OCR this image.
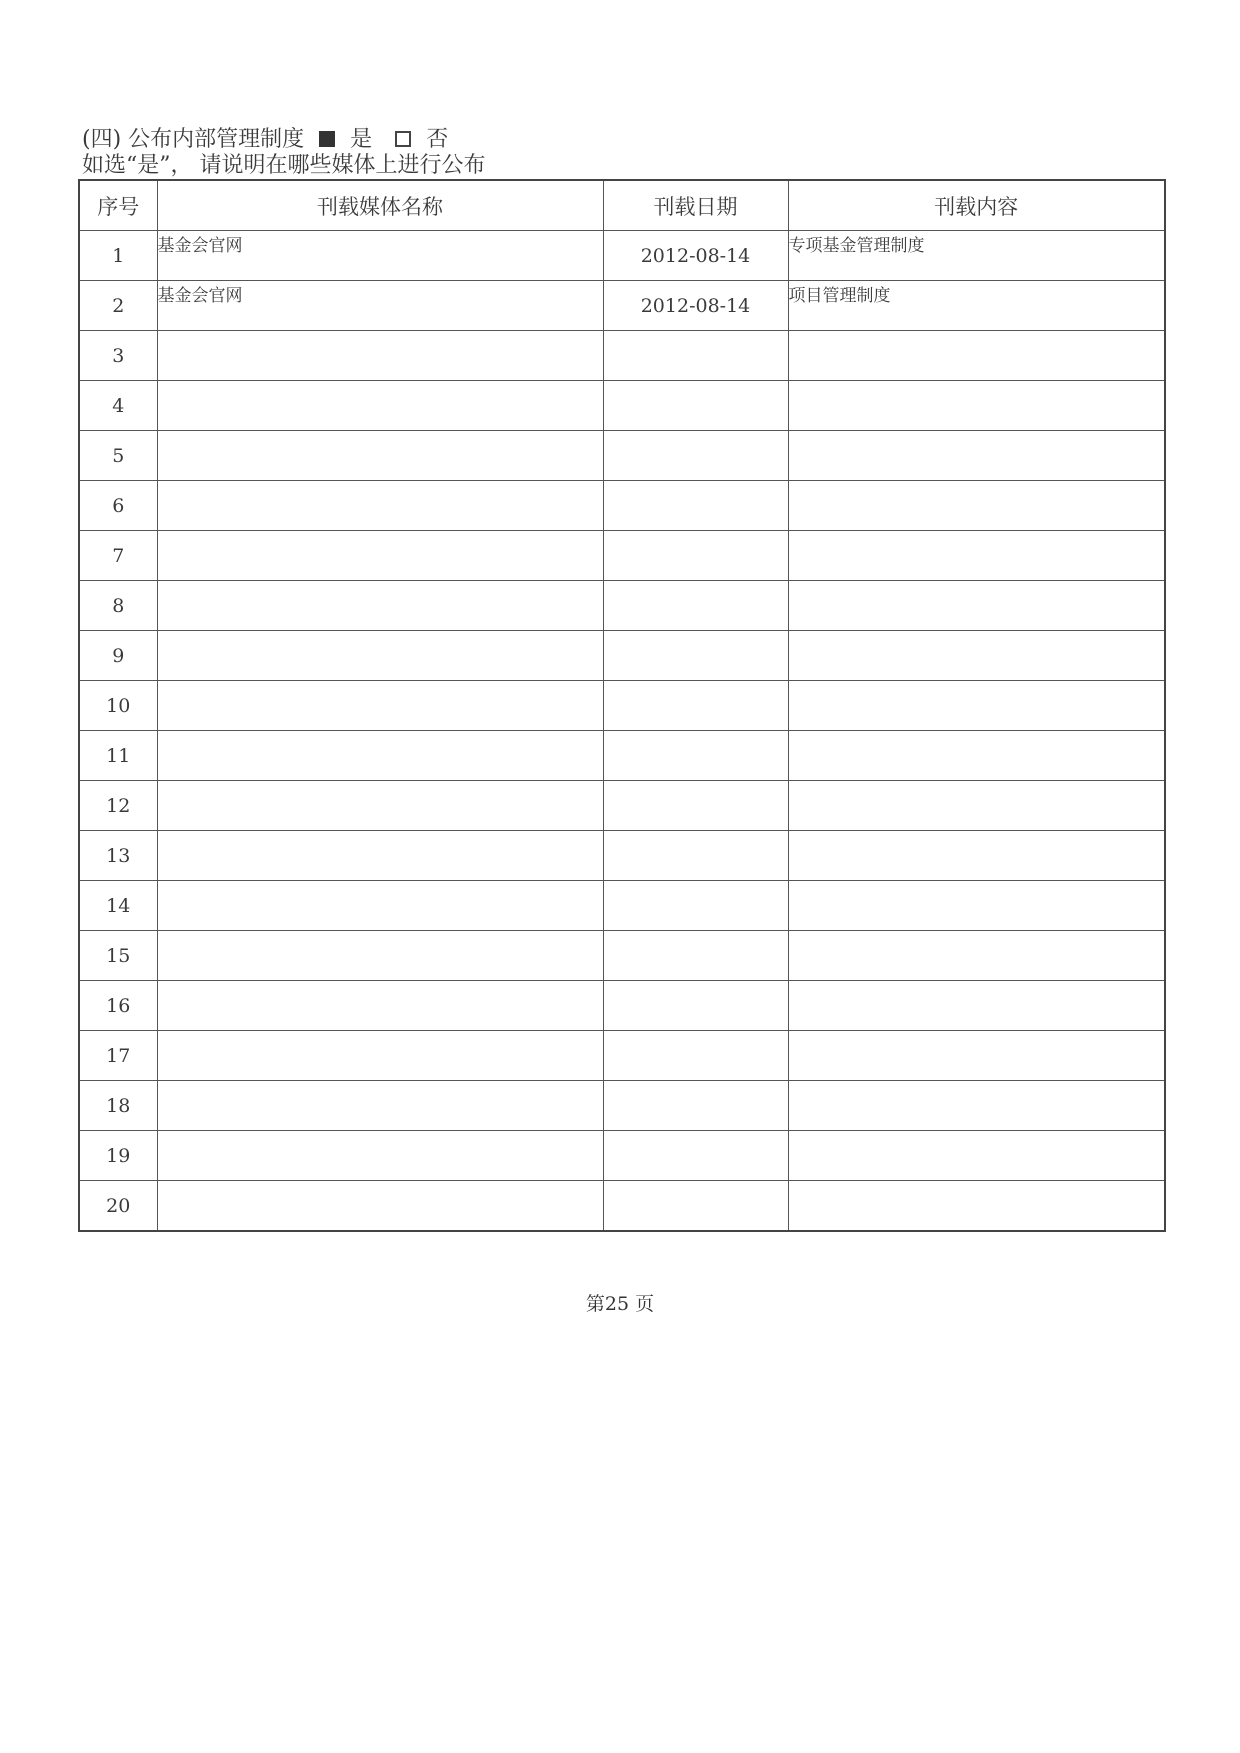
(四) 公布内部管理制度 是 否
如选“是”， 请说明在哪些媒体上进行公布
序号	刊载媒体名称	刊载日期	刊载内容
1	基金会官网	2012-08-14	专项基金管理制度
2	基金会官网	2012-08-14	项目管理制度
3			
4			
5			
6			
7			
8			
9			
10			
11			
12			
13			
14			
15			
16			
17			
18			
19			
20			
第25 页
